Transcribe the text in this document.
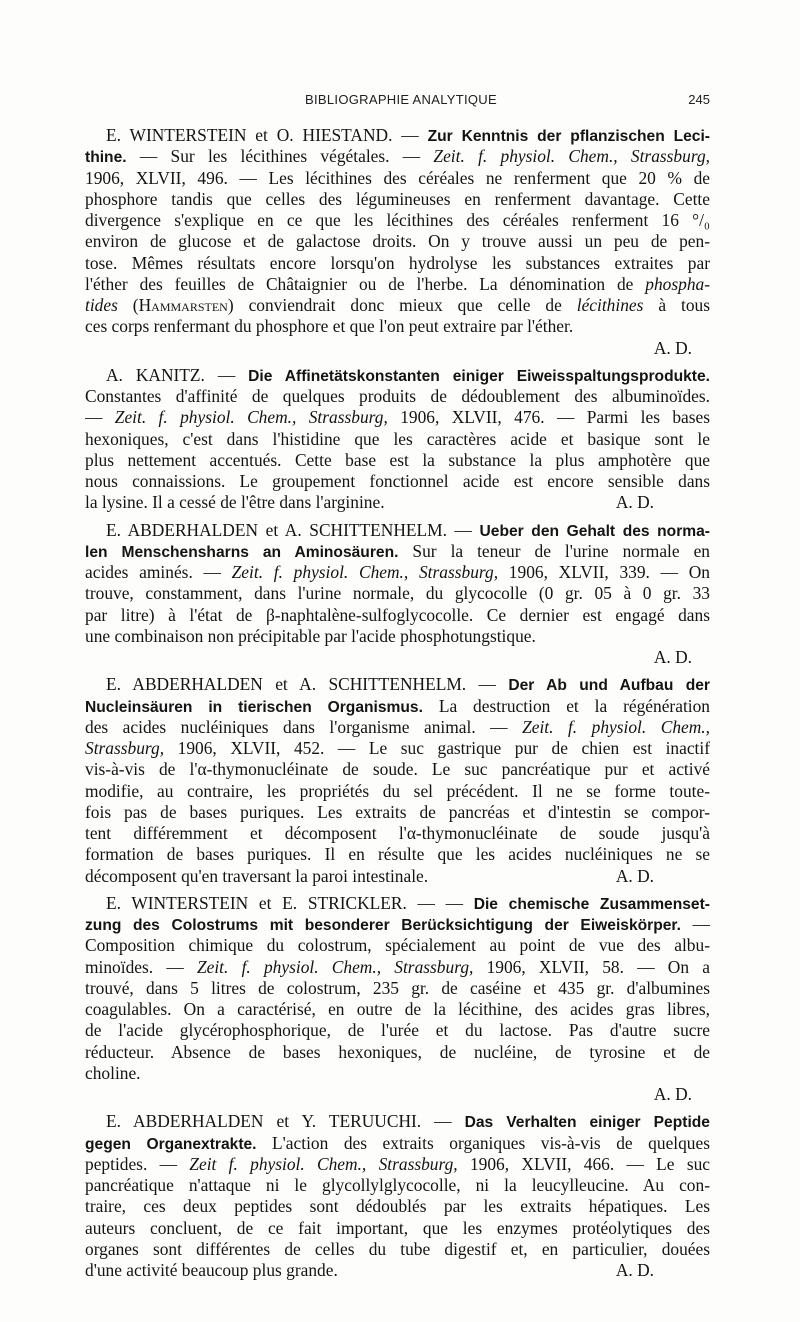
BIBLIOGRAPHIE ANALYTIQUE	245
E. WINTERSTEIN et O. HIESTAND. — Zur Kenntnis der pflanzischen Leci-
thine. — Sur les lécithines végétales. — Zeit. f. physiol. Chem., Strassburg,
1906, XLVII, 496. — Les lécithines des céréales ne renferment que 20 % de
phosphore tandis que celles des légumineuses en renferment davantage. Cette
divergence s'explique en ce que les lécithines des céréales renferment 16 °/₀
environ de glucose et de galactose droits. On y trouve aussi un peu de pen-
tose. Mêmes résultats encore lorsqu'on hydrolyse les substances extraites par
l'éther des feuilles de Châtaignier ou de l'herbe. La dénomination de phospha-
tides (Hammarsten) conviendrait donc mieux que celle de lécithines à tous
ces corps renfermant du phosphore et que l'on peut extraire par l'éther.
A. D.
A. KANITZ. — Die Affinetätskonstanten einiger Eiweisspaltungsprodukte.
Constantes d'affinité de quelques produits de dédoublement des albuminoïdes.
— Zeit. f. physiol. Chem., Strassburg, 1906, XLVII, 476. — Parmi les bases
hexoniques, c'est dans l'histidine que les caractères acide et basique sont le
plus nettement accentués. Cette base est la substance la plus amphotère que
nous connaissions. Le groupement fonctionnel acide est encore sensible dans
la lysine. Il a cessé de l'être dans l'arginine.	A. D.
E. ABDERHALDEN et A. SCHITTENHELM. — Ueber den Gehalt des norma-
len Menschensharns an Aminosäuren. Sur la teneur de l'urine normale en
acides aminés. — Zeit. f. physiol. Chem., Strassburg, 1906, XLVII, 339. — On
trouve, constamment, dans l'urine normale, du glycocolle (0 gr. 05 à 0 gr. 33
par litre) à l'état de β-naphtalène-sulfoglycocolle. Ce dernier est engagé dans
une combinaison non précipitable par l'acide phosphotungstique.
A. D.
E. ABDERHALDEN et A. SCHITTENHELM. — Der Ab und Aufbau der
Nucleinsäuren in tierischen Organismus. La destruction et la régénération
des acides nucléiniques dans l'organisme animal. — Zeit. f. physiol. Chem.,
Strassburg, 1906, XLVII, 452. — Le suc gastrique pur de chien est inactif
vis-à-vis de l'α-thymonucléinate de soude. Le suc pancréatique pur et activé
modifie, au contraire, les propriétés du sel précédent. Il ne se forme toute-
fois pas de bases puriques. Les extraits de pancréas et d'intestin se compor-
tent différemment et décomposent l'α-thymonucléinate de soude jusqu'à
formation de bases puriques. Il en résulte que les acides nucléiniques ne se
décomposent qu'en traversant la paroi intestinale.	A. D.
E. WINTERSTEIN et E. STRICKLER. — — Die chemische Zusammenset-
zung des Colostrums mit besonderer Berücksichtigung der Eiweiskörper. —
Composition chimique du colostrum, spécialement au point de vue des albu-
minoïdes. — Zeit. f. physiol. Chem., Strassburg, 1906, XLVII, 58. — On a
trouvé, dans 5 litres de colostrum, 235 gr. de caséine et 435 gr. d'albumines
coagulables. On a caractérisé, en outre de la lécithine, des acides gras libres,
de l'acide glycérophosphorique, de l'urée et du lactose. Pas d'autre sucre
réducteur. Absence de bases hexoniques, de nucléine, de tyrosine et de
choline.
A. D.
E. ABDERHALDEN et Y. TERUUCHI. — Das Verhalten einiger Peptide
gegen Organextrakte. L'action des extraits organiques vis-à-vis de quelques
peptides. — Zeit f. physiol. Chem., Strassburg, 1906, XLVII, 466. — Le suc
pancréatique n'attaque ni le glycollylglycocolle, ni la leucylleucine. Au con-
traire, ces deux peptides sont dédoublés par les extraits hépatiques. Les
auteurs concluent, de ce fait important, que les enzymes protéolytiques des
organes sont différentes de celles du tube digestif et, en particulier, douées
d'une activité beaucoup plus grande.	A. D.
